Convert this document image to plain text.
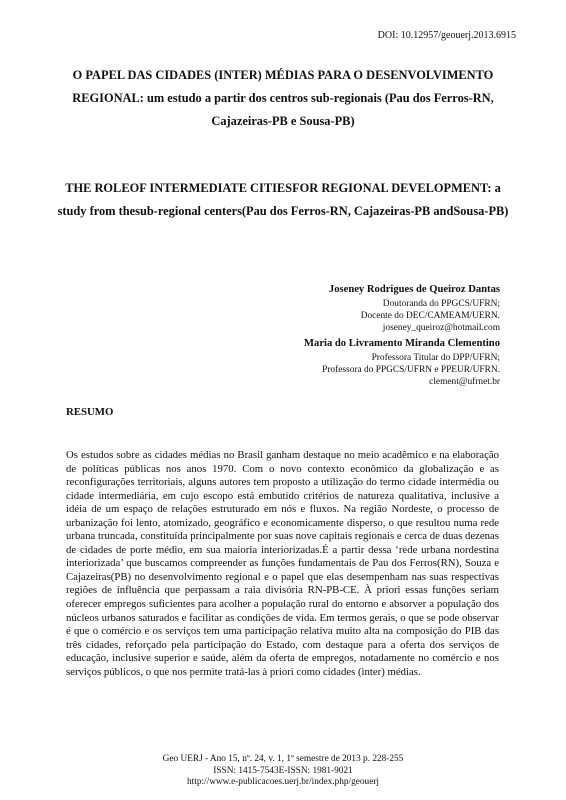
DOI: 10.12957/geouerj.2013.6915
O PAPEL DAS CIDADES (INTER) MÉDIAS PARA O DESENVOLVIMENTO REGIONAL: um estudo a partir dos centros sub-regionais (Pau dos Ferros-RN, Cajazeiras-PB e Sousa-PB)
THE ROLEOF INTERMEDIATE CITIESFOR REGIONAL DEVELOPMENT: a study from thesub-regional centers(Pau dos Ferros-RN, Cajazeiras-PB andSousa-PB)
Joseney Rodrigues de Queiroz Dantas
Doutoranda do PPGCS/UFRN;
Docente do DEC/CAMEAM/UERN.
joseney_queiroz@hotmail.com
Maria do Livramento Miranda Clementino
Professora Titular do DPP/UFRN;
Professora do PPGCS/UFRN e PPEUR/UFRN.
clement@ufrnet.br
RESUMO

Os estudos sobre as cidades médias no Brasil ganham destaque no meio acadêmico e na elaboração de políticas públicas nos anos 1970. Com o novo contexto econômico da globalização e as reconfigurações territoriais, alguns autores tem proposto a utilização do termo cidade intermédia ou cidade intermediária, em cujo escopo está embutido critérios de natureza qualitativa, inclusive a idéia de um espaço de relações estruturado em nós e fluxos. Na região Nordeste, o processo de urbanização foi lento, atomizado, geográfico e economicamente disperso, o que resultou numa rede urbana truncada, constituída principalmente por suas nove capitais regionais e cerca de duas dezenas de cidades de porte médio, em sua maioria interiorizadas.É a partir dessa ‘rede urbana nordestina interiorizada’ que buscamos compreender as funções fundamentais de Pau dos Ferros(RN), Souza e Cajazeiras(PB) no desenvolvimento regional e o papel que elas desempenham nas suas respectivas regiões de influência que perpassam a raia divisória RN-PB-CE. À priori essas funções seriam oferecer empregos suficientes para acolher a população rural do entorno e absorver a população dos núcleos urbanos saturados e facilitar as condições de vida. Em termos gerais, o que se pode observar é que o comércio e os serviços tem uma participação relativa muito alta na composição do PIB das três cidades, reforçado pela participação do Estado, com destaque para a oferta dos serviços de educação, inclusive superior e saúde, além da oferta de empregos, notadamente no comércio e nos serviços públicos, o que nos permite tratá-las à priori como cidades (inter) médias.

Geo UERJ - Ano 15, nº. 24, v. 1, 1º semestre de 2013 p. 228-255
ISSN: 1415-7543E-ISSN: 1981-9021
http://www.e-publicacoes.uerj.br/index.php/geouerj
